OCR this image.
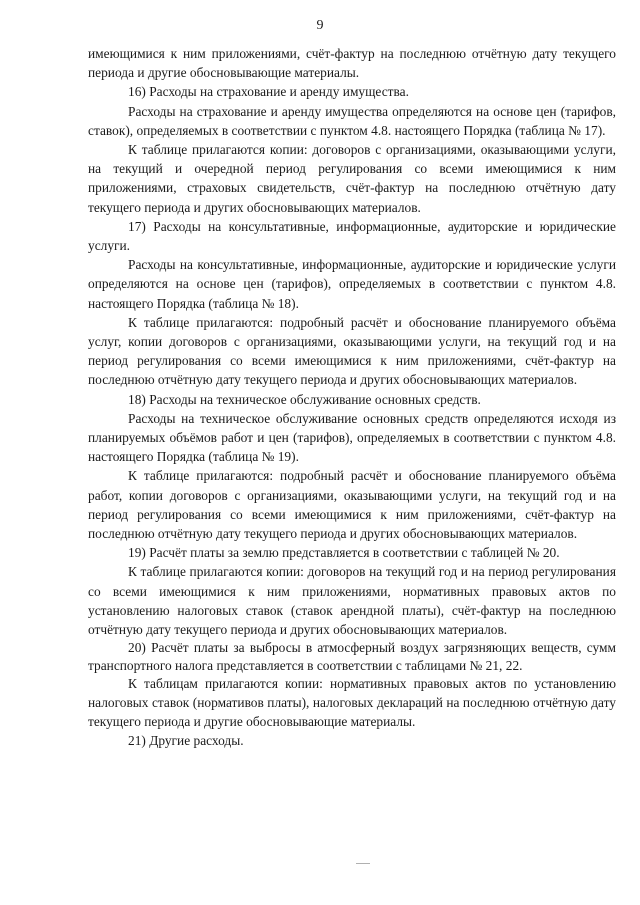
9

имеющимися к ним приложениями, счёт-фактур на последнюю отчётную дату текущего периода и другие обосновывающие материалы.

16) Расходы на страхование и аренду имущества.

Расходы на страхование и аренду имущества определяются на основе цен (тарифов, ставок), определяемых в соответствии с пунктом 4.8. настоящего Порядка (таблица № 17).

К таблице прилагаются копии: договоров с организациями, оказывающими услуги, на текущий и очередной период регулирования со всеми имеющимися к ним приложениями, страховых свидетельств, счёт-фактур на последнюю отчётную дату текущего периода и других обосновывающих материалов.

17) Расходы на консультативные, информационные, аудиторские и юридические услуги.

Расходы на консультативные, информационные, аудиторские и юридические услуги определяются на основе цен (тарифов), определяемых в соответствии с пунктом 4.8. настоящего Порядка (таблица № 18).

К таблице прилагаются: подробный расчёт и обоснование планируемого объёма услуг, копии договоров с организациями, оказывающими услуги, на текущий год и на период регулирования со всеми имеющимися к ним приложениями, счёт-фактур на последнюю отчётную дату текущего периода и других обосновывающих материалов.

18) Расходы на техническое обслуживание основных средств.

Расходы на техническое обслуживание основных средств определяются исходя из планируемых объёмов работ и цен (тарифов), определяемых в соответствии с пунктом 4.8. настоящего Порядка (таблица № 19).

К таблице прилагаются: подробный расчёт и обоснование планируемого объёма работ, копии договоров с организациями, оказывающими услуги, на текущий год и на период регулирования со всеми имеющимися к ним приложениями, счёт-фактур на последнюю отчётную дату текущего периода и других обосновывающих материалов.

19) Расчёт платы за землю представляется в соответствии с таблицей № 20.

К таблице прилагаются копии: договоров на текущий год и на период регулирования со всеми имеющимися к ним приложениями, нормативных правовых актов по установлению налоговых ставок (ставок арендной платы), счёт-фактур на последнюю отчётную дату текущего периода и других обосновывающих материалов.

20) Расчёт платы за выбросы в атмосферный воздух загрязняющих веществ, сумм транспортного налога представляется в соответствии с таблицами № 21, 22.

К таблицам прилагаются копии: нормативных правовых актов по установлению налоговых ставок (нормативов платы), налоговых деклараций на последнюю отчётную дату текущего периода и другие обосновывающие материалы.

21) Другие расходы.
